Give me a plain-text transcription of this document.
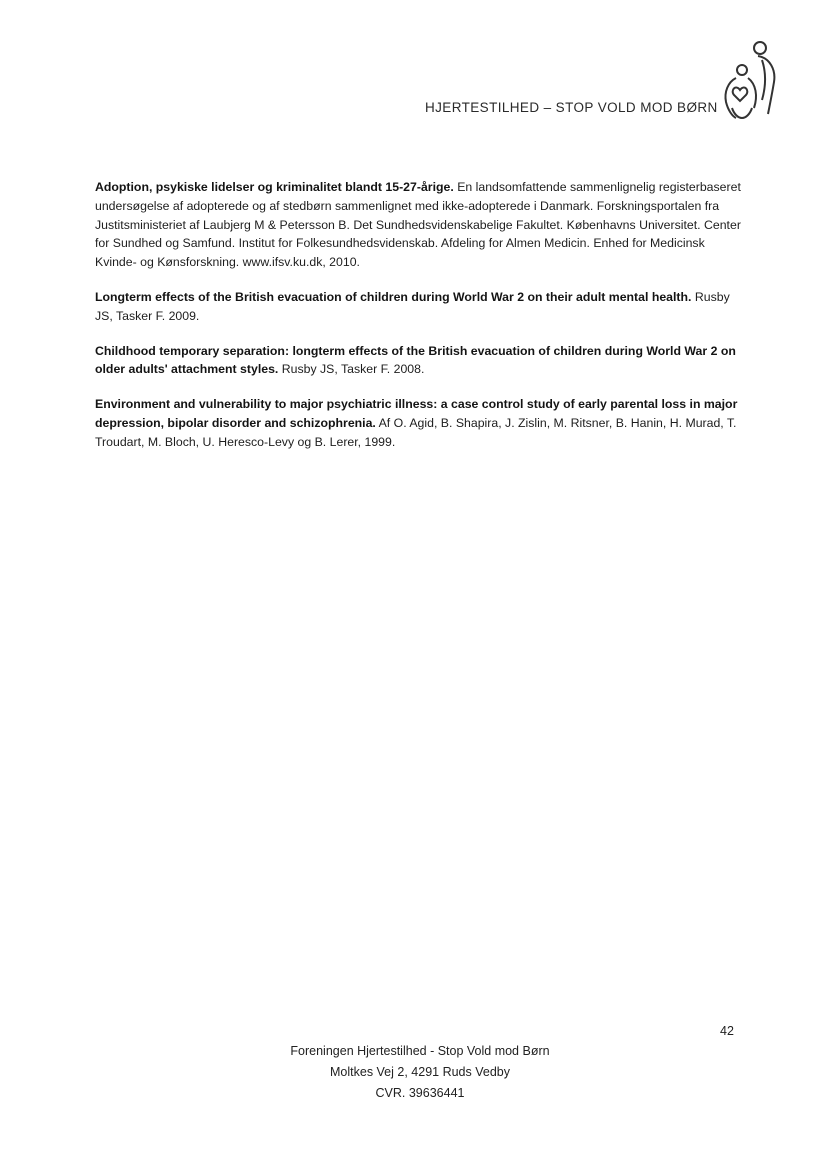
HJERTESTILHED – STOP VOLD MOD BØRN

Adoption, psykiske lidelser og kriminalitet blandt 15-27-årige. En landsomfattende sammenlignelig registerbaseret undersøgelse af adopterede og af stedbørn sammenlignet med ikke-adopterede i Danmark. Forskningsportalen fra Justitsministeriet af Laubjerg M & Petersson B. Det Sundhedsvidenskabelige Fakultet. Københavns Universitet. Center for Sundhed og Samfund. Institut for Folkesundhedsvidenskab. Afdeling for Almen Medicin. Enhed for Medicinsk Kvinde- og Kønsforskning. www.ifsv.ku.dk, 2010.

Longterm effects of the British evacuation of children during World War 2 on their adult mental health. Rusby JS, Tasker F. 2009.

Childhood temporary separation: longterm effects of the British evacuation of children during World War 2 on older adults' attachment styles. Rusby JS, Tasker F. 2008.

Environment and vulnerability to major psychiatric illness: a case control study of early parental loss in major depression, bipolar disorder and schizophrenia. Af O. Agid, B. Shapira, J. Zislin, M. Ritsner, B. Hanin, H. Murad, T. Troudart, M. Bloch, U. Heresco-Levy og B. Lerer, 1999.

42
Foreningen Hjertestilhed - Stop Vold mod Børn
Moltkes Vej 2, 4291 Ruds Vedby
CVR. 39636441
